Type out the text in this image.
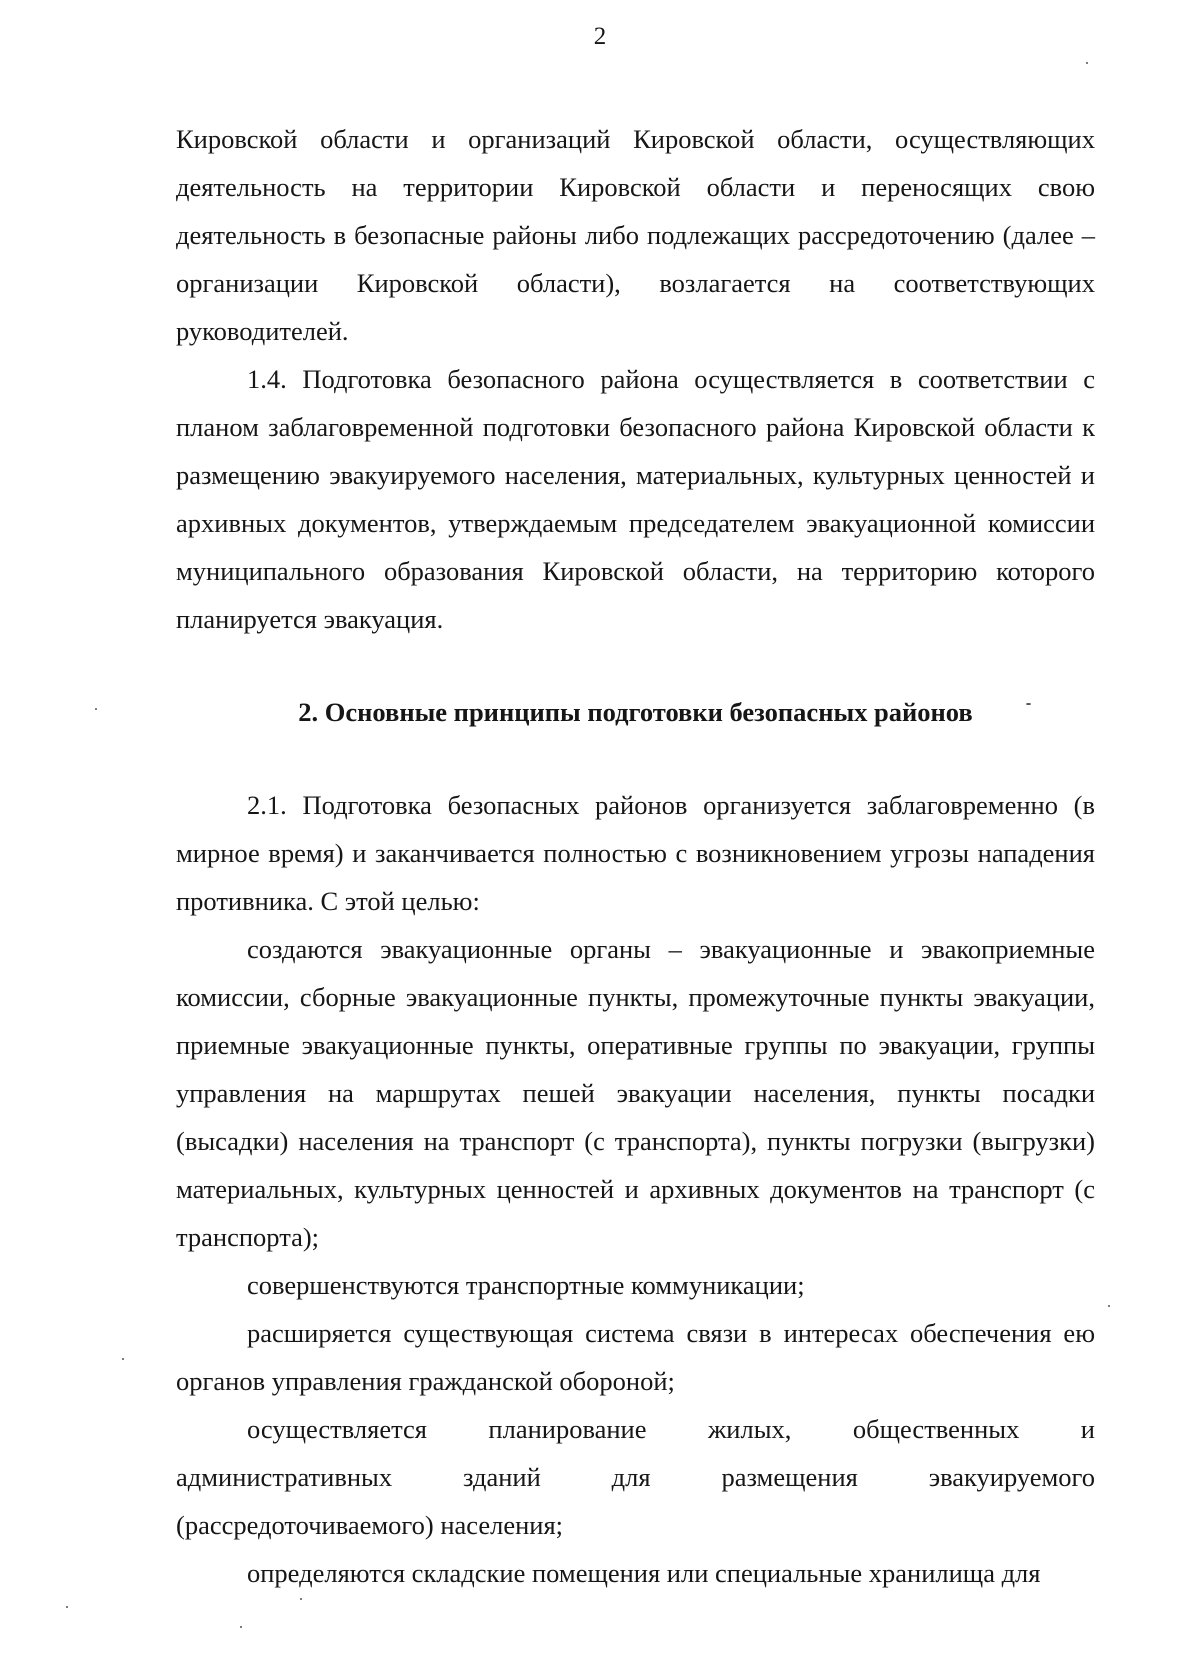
2

Кировской области и организаций Кировской области, осуществляющих деятельность на территории Кировской области и переносящих свою деятельность в безопасные районы либо подлежащих рассредоточению (далее – организации Кировской области), возлагается на соответствующих руководителей.

1.4. Подготовка безопасного района осуществляется в соответствии с планом заблаговременной подготовки безопасного района Кировской области к размещению эвакуируемого населения, материальных, культурных ценностей и архивных документов, утверждаемым председателем эвакуационной комиссии муниципального образования Кировской области, на территорию которого планируется эвакуация.

2. Основные принципы подготовки безопасных районов

2.1. Подготовка безопасных районов организуется заблаговременно (в мирное время) и заканчивается полностью с возникновением угрозы нападения противника. С этой целью:

создаются эвакуационные органы – эвакуационные и эвакоприемные комиссии, сборные эвакуационные пункты, промежуточные пункты эвакуации, приемные эвакуационные пункты, оперативные группы по эвакуации, группы управления на маршрутах пешей эвакуации населения, пункты посадки (высадки) населения на транспорт (с транспорта), пункты погрузки (выгрузки) материальных, культурных ценностей и архивных документов на транспорт (с транспорта);

совершенствуются транспортные коммуникации;

расширяется существующая система связи в интересах обеспечения ею органов управления гражданской обороной;

осуществляется планирование жилых, общественных и административных зданий для размещения эвакуируемого (рассредоточиваемого) населения;

определяются складские помещения или специальные хранилища для
